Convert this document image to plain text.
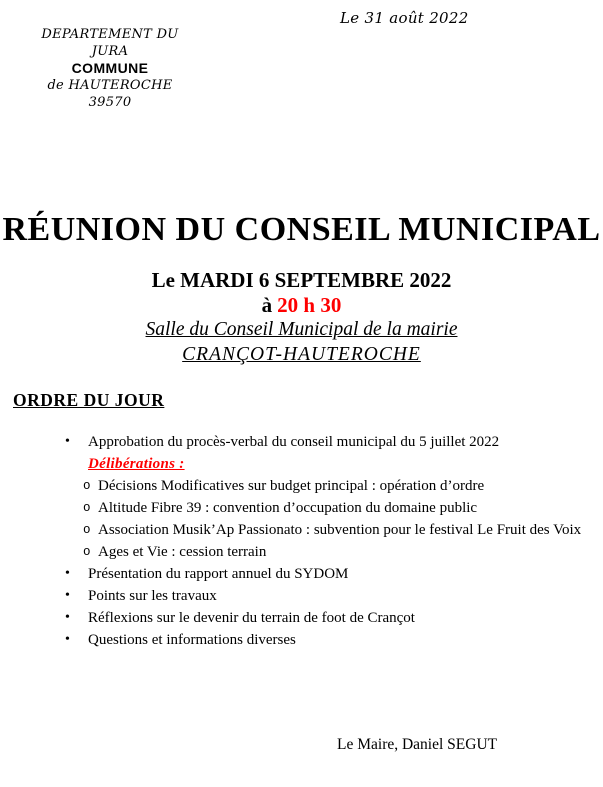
Le 31 août 2022
DEPARTEMENT DU JURA
COMMUNE
de HAUTEROCHE
39570
RÉUNION DU CONSEIL MUNICIPAL
Le MARDI 6 SEPTEMBRE 2022
à 20 h 30
Salle du Conseil Municipal de la mairie
CRANÇOT-HAUTEROCHE
ORDRE DU JOUR
•	Approbation du procès-verbal du conseil municipal du 5 juillet 2022
Délibérations :
o Décisions Modificatives sur budget principal : opération d’ordre
o Altitude Fibre 39 : convention d’occupation du domaine public
o Association Musik’Ap Passionato : subvention pour le festival Le Fruit des Voix
o Ages et Vie : cession terrain
•	Présentation du rapport annuel du SYDOM
•	Points sur les travaux
•	Réflexions sur le devenir du terrain de foot de Crançot
•	Questions et informations diverses
Le Maire, Daniel SEGUT
